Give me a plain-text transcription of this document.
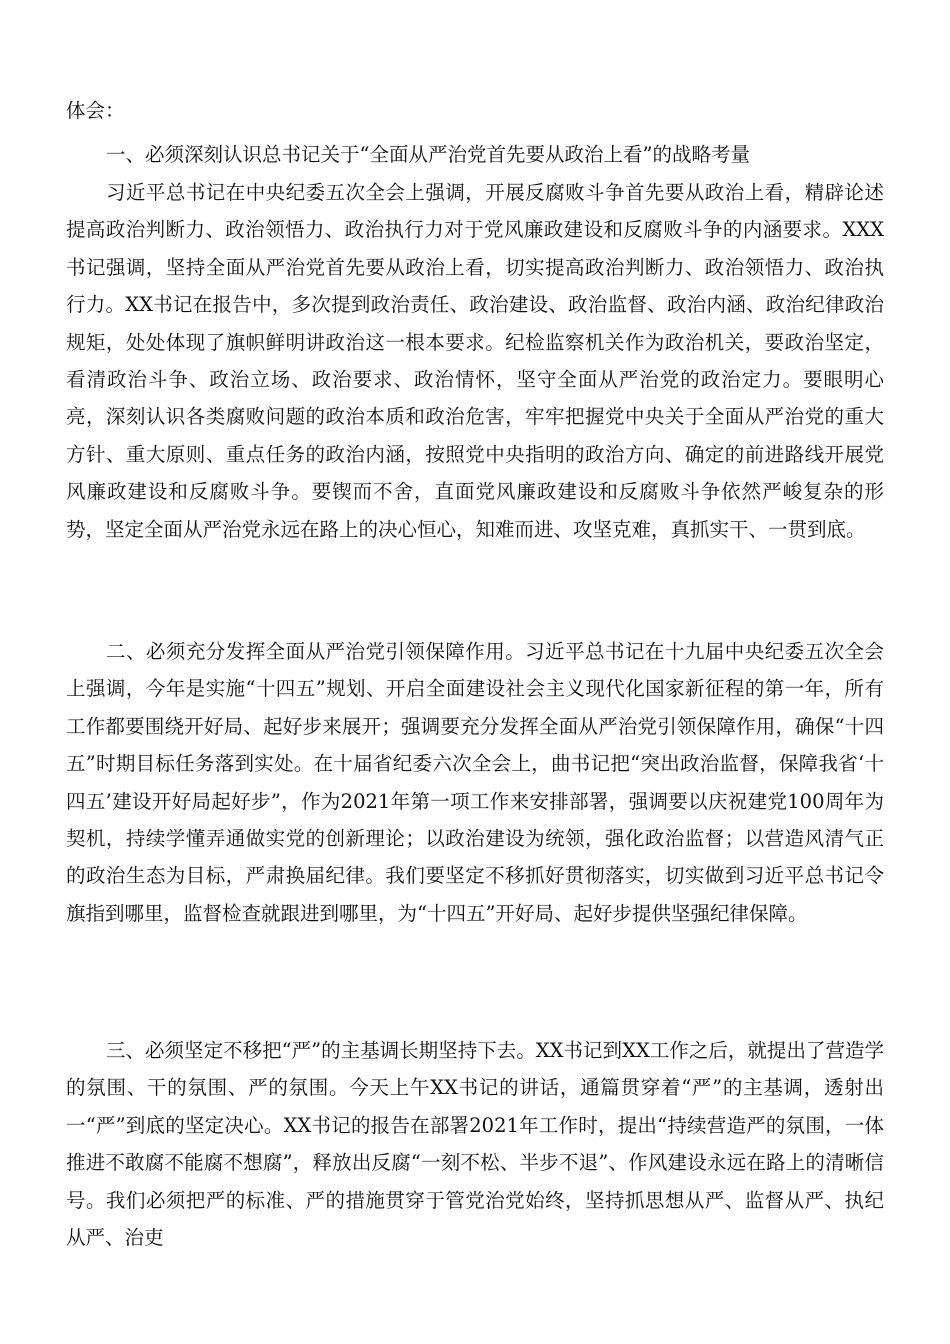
体会：

一、必须深刻认识总书记关于“全面从严治党首先要从政治上看”的战略考量

习近平总书记在中央纪委五次全会上强调，开展反腐败斗争首先要从政治上看，精辟论述提高政治判断力、政治领悟力、政治执行力对于党风廉政建设和反腐败斗争的内涵要求。XXX书记强调，坚持全面从严治党首先要从政治上看，切实提高政治判断力、政治领悟力、政治执行力。XX书记在报告中，多次提到政治责任、政治建设、政治监督、政治内涵、政治纪律政治规矩，处处体现了旗帜鲜明讲政治这一根本要求。纪检监察机关作为政治机关，要政治坚定，看清政治斗争、政治立场、政治要求、政治情怀，坚守全面从严治党的政治定力。要眼明心亮，深刻认识各类腐败问题的政治本质和政治危害，牢牢把握党中央关于全面从严治党的重大方针、重大原则、重点任务的政治内涵，按照党中央指明的政治方向、确定的前进路线开展党风廉政建设和反腐败斗争。要锲而不舍，直面党风廉政建设和反腐败斗争依然严峻复杂的形势，坚定全面从严治党永远在路上的决心恒心，知难而进、攻坚克难，真抓实干、一贯到底。

二、必须充分发挥全面从严治党引领保障作用。习近平总书记在十九届中央纪委五次全会上强调，今年是实施“十四五”规划、开启全面建设社会主义现代化国家新征程的第一年，所有工作都要围绕开好局、起好步来展开；强调要充分发挥全面从严治党引领保障作用，确保“十四五”时期目标任务落到实处。在十届省纪委六次全会上，曲书记把“突出政治监督，保障我省‘十四五’建设开好局起好步”，作为2021年第一项工作来安排部署，强调要以庆祝建党100周年为契机，持续学懂弄通做实党的创新理论；以政治建设为统领，强化政治监督；以营造风清气正的政治生态为目标，严肃换届纪律。我们要坚定不移抓好贯彻落实，切实做到习近平总书记令旗指到哪里，监督检查就跟进到哪里，为“十四五”开好局、起好步提供坚强纪律保障。

三、必须坚定不移把“严”的主基调长期坚持下去。XX书记到XX工作之后，就提出了营造学的氛围、干的氛围、严的氛围。今天上午XX书记的讲话，通篇贯穿着“严”的主基调，透射出一“严”到底的坚定决心。XX书记的报告在部署2021年工作时，提出“持续营造严的氛围，一体推进不敢腐不能腐不想腐”，释放出反腐“一刻不松、半步不退”、作风建设永远在路上的清晰信号。我们必须把严的标准、严的措施贯穿于管党治党始终，坚持抓思想从严、监督从严、执纪从严、治吏
